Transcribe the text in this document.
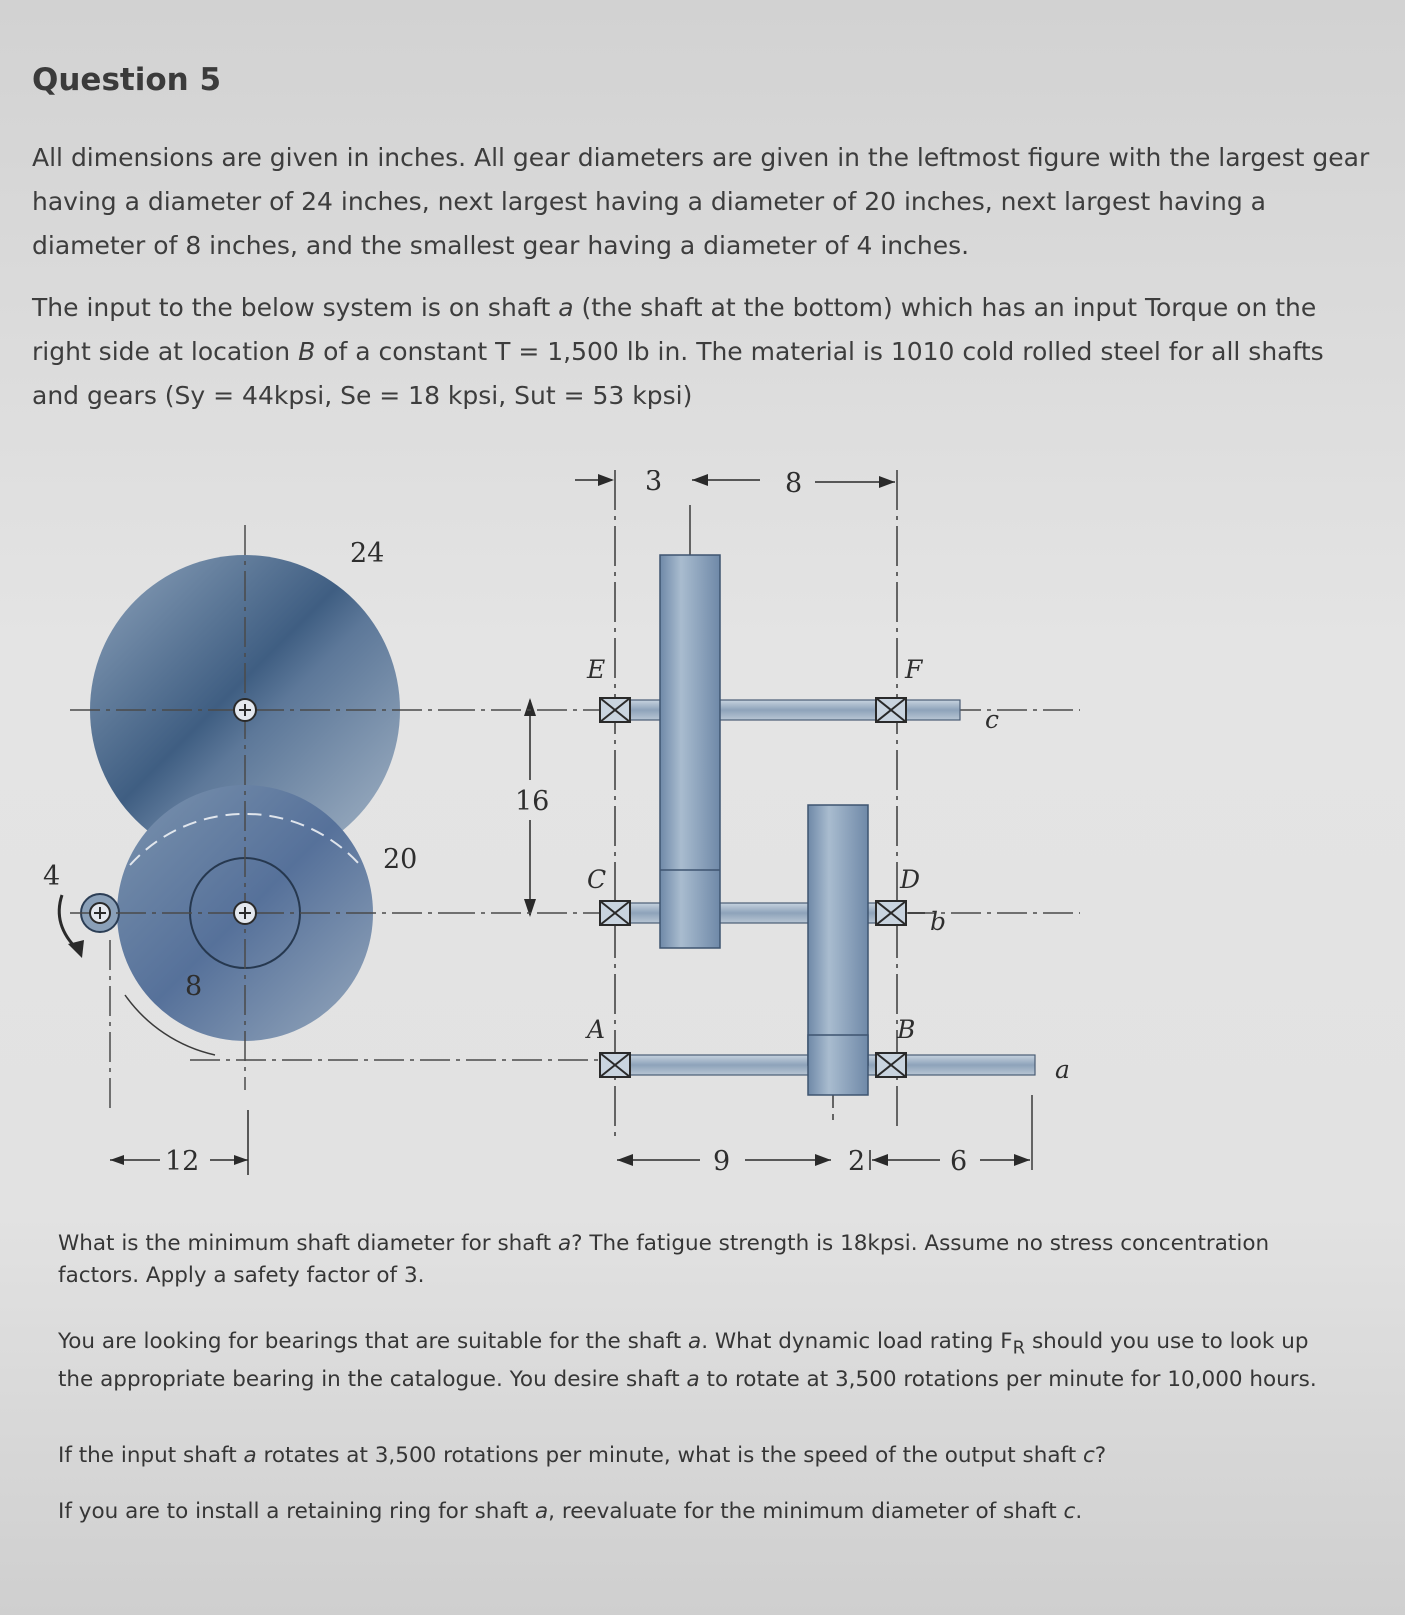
Question 5

All dimensions are given in inches. All gear diameters are given in the leftmost figure with the largest gear having a diameter of 24 inches, next largest having a diameter of 20 inches, next largest having a diameter of 8 inches, and the smallest gear having a diameter of 4 inches.

The input to the below system is on shaft a (the shaft at the bottom) which has an input Torque on the right side at location B of a constant T = 1,500 lb in. The material is 1010 cold rolled steel for all shafts and gears (Sy = 44kpsi, Se = 18 kpsi, Sut = 53 kpsi)

12
24
20
8
4
16
E	F
C	D
A	B
c
b
a
3	8
9	2	6

What is the minimum shaft diameter for shaft a? The fatigue strength is 18kpsi. Assume no stress concentration factors. Apply a safety factor of 3.

You are looking for bearings that are suitable for the shaft a. What dynamic load rating $F_R$ should you use to look up the appropriate bearing in the catalogue. You desire shaft a to rotate at 3,500 rotations per minute for 10,000 hours.

If the input shaft a rotates at 3,500 rotations per minute, what is the speed of the output shaft c?

If you are to install a retaining ring for shaft a, reevaluate for the minimum diameter of shaft c.
